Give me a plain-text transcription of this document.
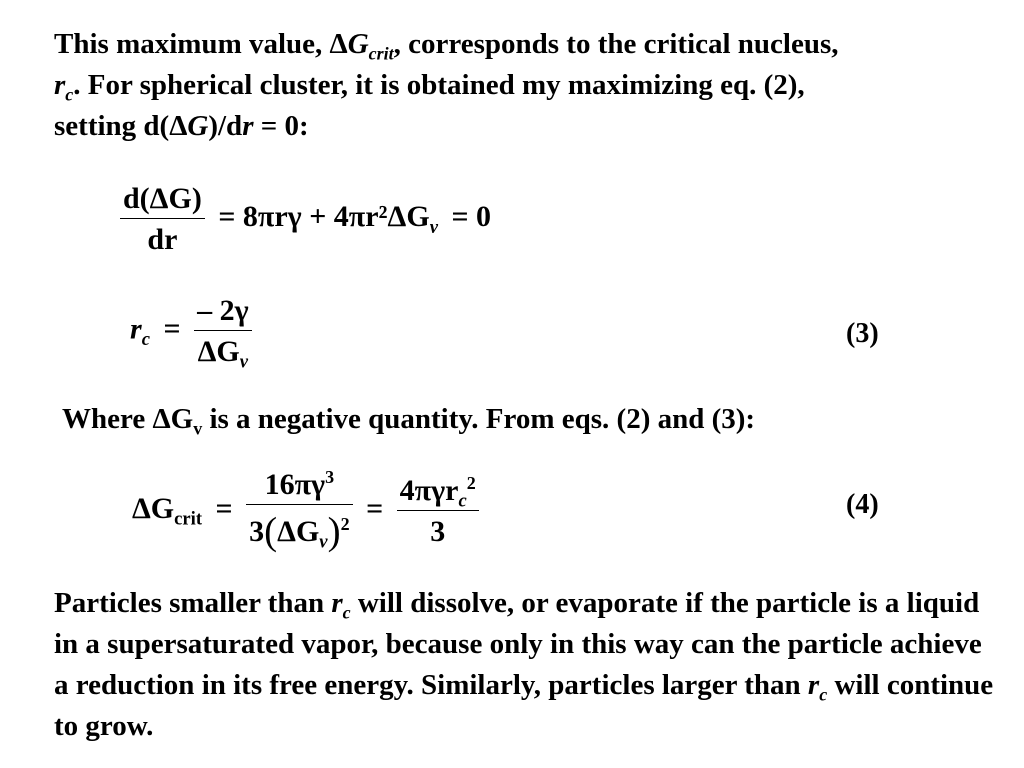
This maximum value, $\Delta G_{crit}$, corresponds to the critical nucleus,
$r_c$. For spherical cluster, it is obtained my maximizing eq. (2),
setting d(ΔG)/dr = 0:
$\frac{d(\Delta G)}{dr} = 8\pi r\gamma + 4\pi r^2\Delta G_v = 0$
$r_c = \frac{- 2\gamma}{\Delta G_v}$	(3)
Where $\Delta G_v$ is a negative quantity. From eqs. (2) and (3):
$\Delta G_{crit} = \frac{16\pi\gamma^3}{3(\Delta G_v)^2} = \frac{4\pi\gamma r_c^2}{3}$	(4)
Particles smaller than $r_c$ will dissolve, or evaporate if the particle is a liquid in a supersaturated vapor, because only in this way can the particle achieve a reduction in its free energy. Similarly, particles larger than $r_c$ will continue to grow.
